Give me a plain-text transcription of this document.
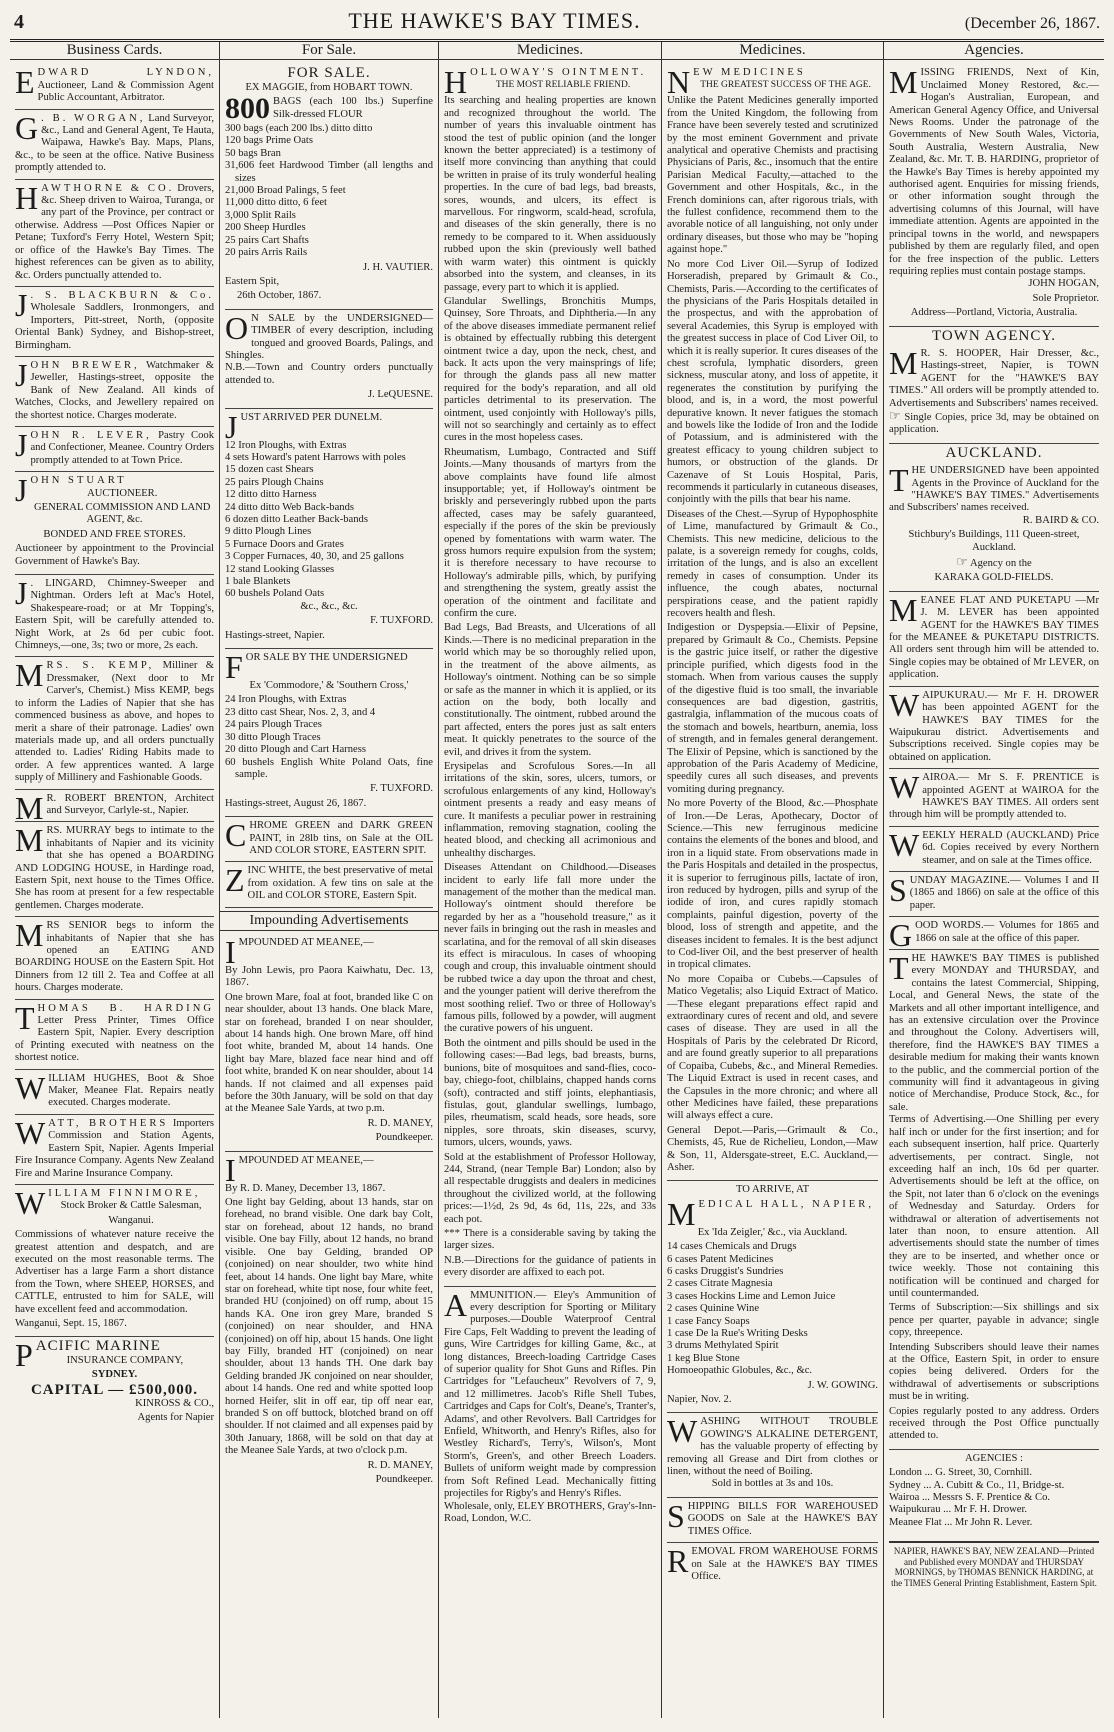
4	THE HAWKE'S BAY TIMES.	(December 26, 1867.
Business Cards.
E DWARD LYNDON, Auctioneer, Land & Commission Agent Public Accountant, Arbitrator.
G . B. WORGAN, Land Surveyor, &c., Land and General Agent, Te Hauta, Waipawa, Hawke's Bay. Maps, Plans, &c., to be seen at the office. Native Business promptly attended to.
H AWTHORNE & CO. Drovers, &c. Sheep driven to Wairoa, Turanga, or any part of the Province, per contract or otherwise. Address —Post Offices Napier or Petane; Tuxford's Ferry Hotel, Western Spit; or office of the Hawke's Bay Times. The highest references can be given as to ability, &c. Orders punctually attended to.
J . S. BLACKBURN & Co. Wholesale Saddlers, Ironmongers, and Importers, Pitt-street, North, (opposite Oriental Bank) Sydney, and Bishop-street, Birmingham.
J OHN BREWER, Watchmaker & Jeweller, Hastings-street, opposite the Bank of New Zealand. All kinds of Watches, Clocks, and Jewellery repaired on the shortest notice. Charges moderate.
J OHN R. LEVER, Pastry Cook and Confectioner, Meanee. Country Orders promptly attended to at Town Price.
J OHN STUART

AUCTIONEER.

GENERAL COMMISSION AND LAND AGENT, &c.

BONDED AND FREE STORES.

Auctioneer by appointment to the Provincial Government of Hawke's Bay.

J . LINGARD, Chimney-Sweeper and Nightman. Orders left at Mac's Hotel, Shakespeare-road; or at Mr Topping's, Eastern Spit, will be carefully attended to. Night Work, at 2s 6d per cubic foot. Chimneys,—one, 3s; two or more, 2s each.
M RS. S. KEMP, Milliner & Dressmaker, (Next door to Mr Carver's, Chemist.) Miss KEMP, begs to inform the Ladies of Napier that she has commenced business as above, and hopes to merit a share of their patronage. Ladies' own materials made up, and all orders punctually attended to. Ladies' Riding Habits made to order. A few apprentices wanted. A large supply of Millinery and Fashionable Goods.
M R. ROBERT BRENTON, Architect and Surveyor, Carlyle-st., Napier.
M RS. MURRAY begs to intimate to the inhabitants of Napier and its vicinity that she has opened a BOARDING AND LODGING HOUSE, in Hardinge road, Eastern Spit, next house to the Times Office. She has room at present for a few respectable gentlemen. Charges moderate.
M RS SENIOR begs to inform the inhabitants of Napier that she has opened an EATING AND BOARDING HOUSE on the Eastern Spit. Hot Dinners from 12 till 2. Tea and Coffee at all hours. Charges moderate.
T HOMAS B. HARDING Letter Press Printer, Times Office Eastern Spit, Napier. Every description of Printing executed with neatness on the shortest notice.
W ILLIAM HUGHES, Boot & Shoe Maker, Meanee Flat. Repairs neatly executed. Charges moderate.
W ATT, BROTHERS Importers Commission and Station Agents, Eastern Spit, Napier. Agents Imperial Fire Insurance Company. Agents New Zealand Fire and Marine Insurance Company.
W ILLIAM FINNIMORE,

Stock Broker & Cattle Salesman,

Wanganui.

Commissions of whatever nature receive the greatest attention and despatch, and are executed on the most reasonable terms. The Advertiser has a large Farm a short distance from the Town, where SHEEP, HORSES, and CATTLE, entrusted to him for SALE, will have excellent feed and accommodation.

Wanganui, Sept. 15, 1867.

P ACIFIC MARINE

INSURANCE COMPANY,

SYDNEY.

CAPITAL — £500,000.

KINROSS & CO.,

Agents for Napier

For Sale.

FOR SALE.

EX MAGGIE, from HOBART TOWN.

800 BAGS (each 100 lbs.) Superfine Silk-dressed FLOUR

300 bags (each 200 lbs.) ditto ditto
120 bags Prime Oats
50 bags Bran
31,606 feet Hardwood Timber (all lengths and sizes
21,000 Broad Palings, 5 feet
11,000 ditto ditto, 6 feet
3,000 Split Rails
200 Sheep Hurdles
25 pairs Cart Shafts
20 pairs Arris Rails

J. H. VAUTIER.

Eastern Spit,

26th October, 1867.

O N SALE by the UNDERSIGNED— TIMBER of every description, including tongued and grooved Boards, Palings, and Shingles.

N.B.—Town and Country orders punctually attended to.

J. LeQUESNE.

J UST ARRIVED PER DUNELM.
12 Iron Ploughs, with Extras
4 sets Howard's patent Harrows with poles
15 dozen cast Shears
25 pairs Plough Chains
12 ditto ditto Harness
24 ditto ditto Web Back-bands
6 dozen ditto Leather Back-bands
9 ditto Plough Lines
5 Furnace Doors and Grates
3 Copper Furnaces, 40, 30, and 25 gallons
12 stand Looking Glasses
1 bale Blankets
60 bushels Poland Oats
&c., &c., &c.

F. TUXFORD.

Hastings-street, Napier.

F OR SALE BY THE UNDERSIGNED

Ex 'Commodore,' & 'Southern Cross,'

24 Iron Ploughs, with Extras
23 ditto cast Shear, Nos. 2, 3, and 4
24 pairs Plough Traces
30 ditto Plough Traces
20 ditto Plough and Cart Harness
60 bushels English White Poland Oats, fine sample.

F. TUXFORD.

Hastings-street, August 26, 1867.

C HROME GREEN and DARK GREEN PAINT, in 28lb tins, on Sale at the OIL AND COLOR STORE, EASTERN SPIT.
Z INC WHITE, the best preservative of metal from oxidation. A few tins on sale at the OIL and COLOR STORE, Eastern Spit.
Impounding Advertisements
I MPOUNDED AT MEANEE,—

By John Lewis, pro Paora Kaiwhatu, Dec. 13, 1867.

One brown Mare, foal at foot, branded like C on near shoulder, about 13 hands. One black Mare, star on forehead, branded I on near shoulder, about 14 hands high. One brown Mare, off hind foot white, branded M, about 14 hands. One light bay Mare, blazed face near hind and off foot white, branded K on near shoulder, about 14 hands. If not claimed and all expenses paid before the 30th January, will be sold on that day at the Meanee Sale Yards, at two p.m.

R. D. MANEY,

Poundkeeper.

I MPOUNDED AT MEANEE,—

By R. D. Maney, December 13, 1867.

One light bay Gelding, about 13 hands, star on forehead, no brand visible. One dark bay Colt, star on forehead, about 12 hands, no brand visible. One bay Filly, about 12 hands, no brand visible. One bay Gelding, branded OP (conjoined) on near shoulder, two white hind feet, about 14 hands. One light bay Mare, white star on forehead, white tipt nose, four white feet, branded HU (conjoined) on off rump, about 15 hands KA. One iron grey Mare, branded S (conjoined) on near shoulder, and HNA (conjoined) on off hip, about 15 hands. One light bay Filly, branded HT (conjoined) on near shoulder, about 13 hands TH. One dark bay Gelding branded JK conjoined on near shoulder, about 14 hands. One red and white spotted loop horned Heifer, slit in off ear, tip off near ear, branded S on off buttock, blotched brand on off shoulder. If not claimed and all expenses paid by 30th January, 1868, will be sold on that day at the Meanee Sale Yards, at two o'clock p.m.

R. D. MANEY,

Poundkeeper.

Medicines.
H OLLOWAY'S OINTMENT.

THE MOST RELIABLE FRIEND.

Its searching and healing properties are known and recognized throughout the world. The number of years this invaluable ointment has stood the test of public opinion (and the longer known the better appreciated) is a testimony of itself more convincing than anything that could be written in praise of its truly wonderful healing properties. In the cure of bad legs, bad breasts, sores, wounds, and ulcers, its effect is marvellous. For ringworm, scald-head, scrofula, and diseases of the skin generally, there is no remedy to be compared to it. When assiduously rubbed upon the skin (previously well bathed with warm water) this ointment is quickly absorbed into the system, and cleanses, in its passage, every part to which it is applied.

Glandular Swellings, Bronchitis Mumps, Quinsey, Sore Throats, and Diphtheria.—In any of the above diseases immediate permanent relief is obtained by effectually rubbing this detergent ointment twice a day, upon the neck, chest, and back. It acts upon the very mainsprings of life; for through the glands pass all new matter required for the body's reparation, and all old particles detrimental to its preservation. The ointment, used conjointly with Holloway's pills, will not so searchingly and certainly as to effect cures in the most hopeless cases.

Rheumatism, Lumbago, Contracted and Stiff Joints.—Many thousands of martyrs from the above complaints have found life almost insupportable; yet, if Holloway's ointment be briskly and perseveringly rubbed upon the parts affected, cases may be safely guaranteed, especially if the pores of the skin be previously opened by fomentations with warm water. The gross humors require expulsion from the system; it is therefore necessary to have recourse to Holloway's admirable pills, which, by purifying and strengthening the system, greatly assist the operation of the ointment and facilitate and confirm the cure.

Bad Legs, Bad Breasts, and Ulcerations of all Kinds.—There is no medicinal preparation in the world which may be so thoroughly relied upon, in the treatment of the above ailments, as Holloway's ointment. Nothing can be so simple or safe as the manner in which it is applied, or its action on the body, both locally and constitutionally. The ointment, rubbed around the part affected, enters the pores just as salt enters meat. It quickly penetrates to the source of the evil, and drives it from the system.

Erysipelas and Scrofulous Sores.—In all irritations of the skin, sores, ulcers, tumors, or scrofulous enlargements of any kind, Holloway's ointment presents a ready and easy means of cure. It manifests a peculiar power in restraining inflammation, removing stagnation, cooling the heated blood, and checking all acrimonious and unhealthy discharges.

Diseases Attendant on Childhood.—Diseases incident to early life fall more under the management of the mother than the medical man. Holloway's ointment should therefore be regarded by her as a "household treasure," as it never fails in bringing out the rash in measles and scarlatina, and for the removal of all skin diseases its effect is miraculous. In cases of whooping cough and croup, this invaluable ointment should be rubbed twice a day upon the throat and chest, and the younger patient will derive therefrom the most soothing relief. Two or three of Holloway's famous pills, followed by a powder, will augment the curative powers of his unguent.

Both the ointment and pills should be used in the following cases:—Bad legs, bad breasts, burns, bunions, bite of mosquitoes and sand-flies, coco-bay, chiego-foot, chilblains, chapped hands corns (soft), contracted and stiff joints, elephantiasis, fistulas, gout, glandular swellings, lumbago, piles, rheumatism, scald heads, sore heads, sore nipples, sore throats, skin diseases, scurvy, tumors, ulcers, wounds, yaws.

Sold at the establishment of Professor Holloway, 244, Strand, (near Temple Bar) London; also by all respectable druggists and dealers in medicines throughout the civilized world, at the following prices:—1½d, 2s 9d, 4s 6d, 11s, 22s, and 33s each pot.

*** There is a considerable saving by taking the larger sizes.

N.B.—Directions for the guidance of patients in every disorder are affixed to each pot.

A MMUNITION.— Eley's Ammunition of every description for Sporting or Military purposes.—Double Waterproof Central Fire Caps, Felt Wadding to prevent the leading of guns, Wire Cartridges for killing Game, &c., at long distances, Breech-loading Cartridge Cases of superior quality for Shot Guns and Rifles. Pin Cartridges for "Lefaucheux" Revolvers of 7, 9, and 12 millimetres. Jacob's Rifle Shell Tubes, Cartridges and Caps for Colt's, Deane's, Tranter's, Adams', and other Revolvers. Ball Cartridges for Enfield, Whitworth, and Henry's Rifles, also for Westley Richard's, Terry's, Wilson's, Mont Storm's, Green's, and other Breech Loaders. Bullets of uniform weight made by compression from Soft Refined Lead. Mechanically fitting projectiles for Rigby's and Henry's Rifles.

Wholesale, only, ELEY BROTHERS, Gray's-Inn-Road, London, W.C.

Medicines.
N EW MEDICINES

THE GREATEST SUCCESS OF THE AGE.

Unlike the Patent Medicines generally imported from the United Kingdom, the following from France have been severely tested and scrutinized by the most eminent Government and private analytical and operative Chemists and practising Physicians of Paris, &c., insomuch that the entire Parisian Medical Faculty,—attached to the Government and other Hospitals, &c., in the French dominions can, after rigorous trials, with the fullest confidence, recommend them to the avorable notice of all languishing, not only under ordinary diseases, but those who may be "hoping against hope."

No more Cod Liver Oil.—Syrup of Iodized Horseradish, prepared by Grimault & Co., Chemists, Paris.—According to the certificates of the physicians of the Paris Hospitals detailed in the prospectus, and with the approbation of several Academies, this Syrup is employed with the greatest success in place of Cod Liver Oil, to which it is really superior. It cures diseases of the chest scrofula, lymphatic disorders, green sickness, muscular atony, and loss of appetite, it regenerates the constitution by purifying the blood, and is, in a word, the most powerful depurative known. It never fatigues the stomach and bowels like the Iodide of Iron and the Iodide of Potassium, and is administered with the greatest efficacy to young children subject to humors, or obstruction of the glands. Dr Cazenave of St Louis Hospital, Paris, recommends it particularly in cutaneous diseases, conjointly with the pills that bear his name.

Diseases of the Chest.—Syrup of Hypophosphite of Lime, manufactured by Grimault & Co., Chemists. This new medicine, delicious to the palate, is a sovereign remedy for coughs, colds, irritation of the lungs, and is also an excellent remedy in cases of consumption. Under its influence, the cough abates, nocturnal perspirations cease, and the patient rapidly recovers health and flesh.

Indigestion or Dyspepsia.—Elixir of Pepsine, prepared by Grimault & Co., Chemists. Pepsine is the gastric juice itself, or rather the digestive principle purified, which digests food in the stomach. When from various causes the supply of the digestive fluid is too small, the invariable consequences are bad digestion, gastritis, gastralgia, inflammation of the mucous coats of the stomach and bowels, heartburn, anemia, loss of strength, and in females general derangement. The Elixir of Pepsine, which is sanctioned by the approbation of the Paris Academy of Medicine, speedily cures all such diseases, and prevents vomiting during pregnancy.

No more Poverty of the Blood, &c.—Phosphate of Iron.—De Leras, Apothecary, Doctor of Science.—This new ferruginous medicine contains the elements of the bones and blood, and iron in a liquid state. From observations made in the Paris Hospitals and detailed in the prospectus, it is superior to ferruginous pills, lactate of iron, iron reduced by hydrogen, pills and syrup of the iodide of iron, and cures rapidly stomach complaints, painful digestion, poverty of the blood, loss of strength and appetite, and the diseases incident to females. It is the best adjunct to Cod-liver Oil, and the best preserver of health in tropical climates.

No more Copaiba or Cubebs.—Capsules of Matico Vegetalis; also Liquid Extract of Matico.—These elegant preparations effect rapid and extraordinary cures of recent and old, and severe cases of disease. They are used in all the Hospitals of Paris by the celebrated Dr Ricord, and are found greatly superior to all preparations of Copaiba, Cubebs, &c., and Mineral Remedies. The Liquid Extract is used in recent cases, and the Capsules in the more chronic; and where all other Medicines have failed, these preparations will always effect a cure.

General Depot.—Paris,—Grimault & Co., Chemists, 45, Rue de Richelieu, London,—Maw & Son, 11, Aldersgate-street, E.C. Auckland,—Asher.

TO ARRIVE, AT

M EDICAL HALL, NAPIER,

Ex 'Ida Zeigler,' &c., via Auckland.

14 cases Chemicals and Drugs
6 cases Patent Medicines
6 casks Druggist's Sundries
2 cases Citrate Magnesia
3 cases Hockins Lime and Lemon Juice
2 cases Quinine Wine
1 case Fancy Soaps
1 case De la Rue's Writing Desks
3 drums Methylated Spirit
1 keg Blue Stone
Homoeopathic Globules, &c., &c.

J. W. GOWING.

Napier, Nov. 2.

W ASHING WITHOUT TROUBLE GOWING'S ALKALINE DETERGENT, has the valuable property of effecting by removing all Grease and Dirt from clothes or linen, without the need of Boiling.

Sold in bottles at 3s and 10s.

S HIPPING BILLS FOR WAREHOUSED GOODS on Sale at the HAWKE'S BAY TIMES Office.
R EMOVAL FROM WAREHOUSE FORMS on Sale at the HAWKE'S BAY TIMES Office.
Agencies.
M ISSING FRIENDS, Next of Kin, Unclaimed Money Restored, &c.—Hogan's Australian, European, and American General Agency Office, and Universal News Rooms. Under the patronage of the Governments of New South Wales, Victoria, South Australia, Western Australia, New Zealand, &c. Mr. T. B. HARDING, proprietor of the Hawke's Bay Times is hereby appointed my authorised agent. Enquiries for missing friends, or other information sought through the advertising columns of this Journal, will have immediate attention. Agents are appointed in the principal towns in the world, and newspapers published by them are regularly filed, and open for the free inspection of the public. Letters requiring replies must contain postage stamps.

JOHN HOGAN,

Sole Proprietor.

Address—Portland, Victoria, Australia.

TOWN AGENCY.
M R. S. HOOPER, Hair Dresser, &c., Hastings-street, Napier, is TOWN AGENT for the "HAWKE'S BAY TIMES." All orders will be promptly attended to. Advertisements and Subscribers' names received.

☞ Single Copies, price 3d, may be obtained on application.

AUCKLAND.
T HE UNDERSIGNED have been appointed Agents in the Province of Auckland for the "HAWKE'S BAY TIMES." Advertisements and Subscribers' names received.

R. BAIRD & CO.

Stichbury's Buildings, 111 Queen-street, Auckland.

☞ Agency on the

KARAKA GOLD-FIELDS.

M EANEE FLAT AND PUKETAPU —Mr J. M. LEVER has been appointed AGENT for the HAWKE'S BAY TIMES for the MEANEE & PUKETAPU DISTRICTS. All orders sent through him will be attended to. Single copies may be obtained of Mr LEVER, on application.
W AIPUKURAU.— Mr F. H. DROWER has been appointed AGENT for the HAWKE'S BAY TIMES for the Waipukurau district. Advertisements and Subscriptions received. Single copies may be obtained on application.
W AIROA.— Mr S. F. PRENTICE is appointed AGENT at WAIROA for the HAWKE'S BAY TIMES. All orders sent through him will be promptly attended to.
W EEKLY HERALD (AUCKLAND) Price 6d. Copies received by every Northern steamer, and on sale at the Times office.
S UNDAY MAGAZINE.— Volumes I and II (1865 and 1866) on sale at the office of this paper.
G OOD WORDS.— Volumes for 1865 and 1866 on sale at the office of this paper.
T HE HAWKE'S BAY TIMES is published every MONDAY and THURSDAY, and contains the latest Commercial, Shipping, Local, and General News, the state of the Markets and all other important intelligence, and has an extensive circulation over the Province and throughout the Colony. Advertisers will, therefore, find the HAWKE'S BAY TIMES a desirable medium for making their wants known to the public, and the commercial portion of the community will find it advantageous in giving notice of Merchandise, Produce Stock, &c., for sale.

Terms of Advertising.—One Shilling per every half inch or under for the first insertion; and for each subsequent insertion, half price. Quarterly advertisements, per contract. Single, not exceeding half an inch, 10s 6d per quarter. Advertisements should be left at the office, on the Spit, not later than 6 o'clock on the evenings of Wednesday and Saturday. Orders for withdrawal or alteration of advertisements not later than noon, to ensure attention. All advertisements should state the number of times they are to be inserted, and whether once or twice weekly. Those not containing this notification will be continued and charged for until countermanded.

Terms of Subscription:—Six shillings and six pence per quarter, payable in advance; single copy, threepence.

Intending Subscribers should leave their names at the Office, Eastern Spit, in order to ensure copies being delivered. Orders for the withdrawal of advertisements or subscriptions must be in writing.

Copies regularly posted to any address. Orders received through the Post Office punctually attended to.

AGENCIES :

London ... G. Street, 30, Cornhill.
Sydney ... A. Cubitt & Co., 11, Bridge-st.
Wairoa ... Messrs S. F. Prentice & Co.
Waipukurau ... Mr F. H. Drower.
Meanee Flat ... Mr John R. Lever.
NAPIER, HAWKE'S BAY, NEW ZEALAND—Printed and Published every MONDAY and THURSDAY MORNINGS, by THOMAS BENNICK HARDING, at the TIMES General Printing Establishment, Eastern Spit.
